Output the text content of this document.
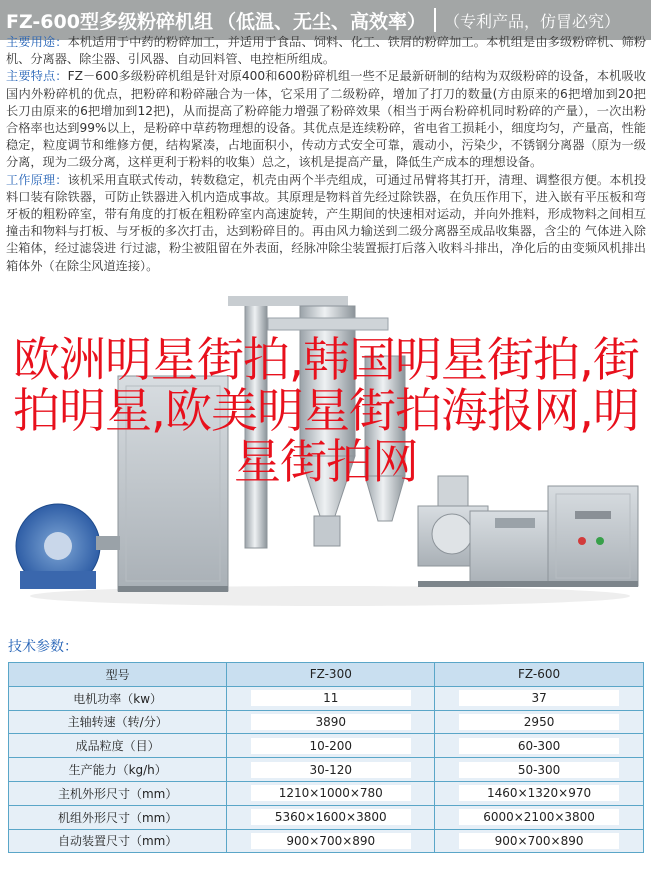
FZ-600型多级粉碎机组 （低温、无尘、高效率） （专利产品，仿冒必究）

主要用途：本机适用于中药的粉碎加工，并适用于食品、饲料、化工、铁屑的粉碎加工。本机组是由多级粉碎机、筛粉机、分离器、除尘器、引风器、自动回料管、电控柜所组成。

主要特点：FZ－600多级粉碎机组是针对原400和600粉碎机组一些不足最新研制的结构为双级粉碎的设备，本机吸收国内外粉碎机的优点，把粉碎和粉碎融合为一体，它采用了二级粉碎，增加了打刀的数量(方由原来的6把增加到20把 长刀由原来的6把增加到12把)，从而提高了粉碎能力增强了粉碎效果（相当于两台粉碎机同时粉碎的产量），一次出粉合格率也达到99%以上，是粉碎中草药物理想的设备。其优点是连续粉碎，省电省工损耗小，细度均匀，产量高，性能稳定，粒度调节和维修方便，结构紧凑，占地面积小，传动方式安全可靠，震动小，污染少，不锈钢分离器（原为一级分离，现为二级分离，这样更利于粉料的收集）总之，该机是提高产量，降低生产成本的理想设备。

工作原理：该机采用直联式传动，转数稳定，机壳由两个半壳组成，可通过吊臂将其打开，清理、调整很方便。本机投料口装有除铁器，可防止铁器进入机内造成事故。其原理是物料首先经过除铁器，在负压作用下，进入嵌有平压板和弯牙板的粗粉碎室，带有角度的打板在粗粉碎室内高速旋转，产生期间的快速相对运动，并向外推料，形成物料之间相互撞击和物料与打板、与牙板的多次打击，达到粉碎目的。再由风力输送到二级分离器至成品收集器，含尘的 气体进入除尘箱体，经过滤袋进 行过滤，粉尘被阻留在外表面，经脉冲除尘装置振打后落入收料斗排出，净化后的由变频风机排出箱体外（在除尘风道连接）。

欧洲明星街拍,韩国明星街拍,街拍明星,欧美明星街拍海报网,明星街拍网
技术参数：
型号	FZ-300	FZ-600
电机功率（kw）	11	37
主轴转速（转/分）	3890	2950
成品粒度（目）	10-200	60-300
生产能力（kg/h）	30-120	50-300
主机外形尺寸（mm）	1210×1000×780	1460×1320×970
机组外形尺寸（mm）	5360×1600×3800	6000×2100×3800
自动装置尺寸（mm）	900×700×890	900×700×890
